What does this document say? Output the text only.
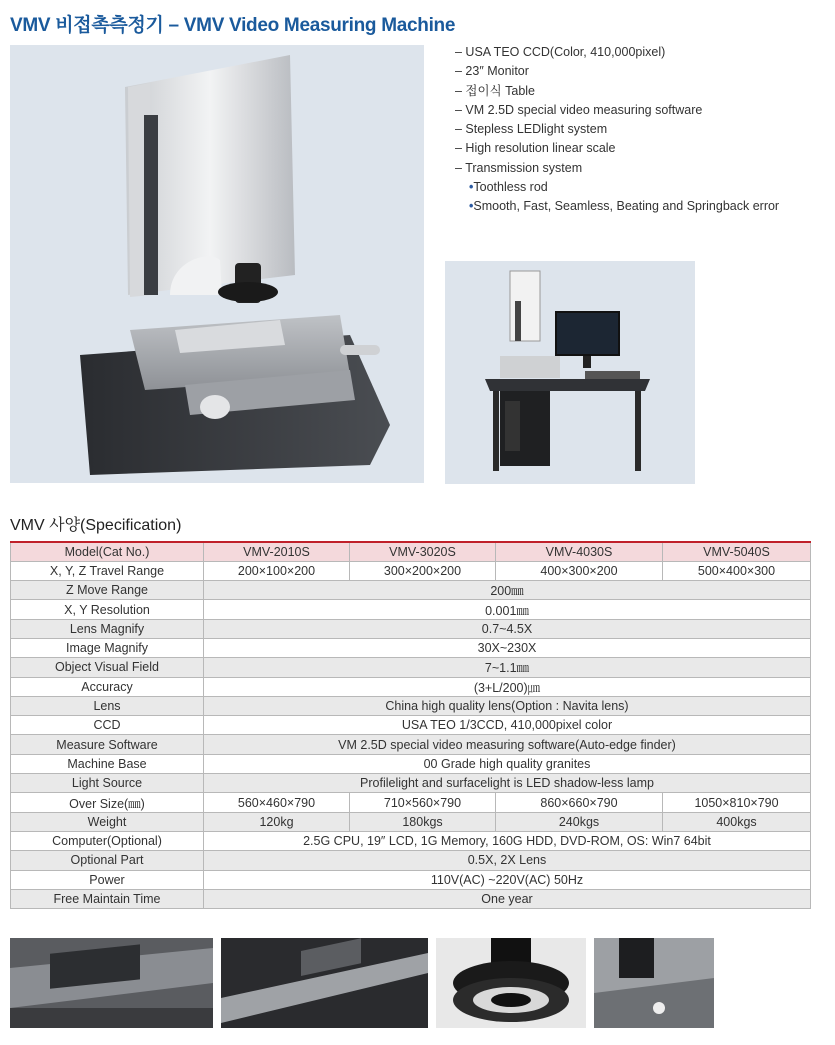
VMV 비접촉측정기 – VMV Video Measuring Machine
– USA TEO CCD(Color, 410,000pixel)
– 23″ Monitor
– 접이식 Table
– VM 2.5D special video measuring software
– Stepless LEDlight system
– High resolution linear scale
– Transmission system
•Toothless rod
•Smooth, Fast, Seamless, Beating and Springback error
VMV 사양(Specification)
Model(Cat No.)	VMV-2010S	VMV-3020S	VMV-4030S	VMV-5040S
X, Y, Z Travel Range	200×100×200	300×200×200	400×300×200	500×400×300
Z Move Range	200㎜			
X, Y Resolution	0.001㎜			
Lens Magnify	0.7~4.5X			
Image Magnify	30X~230X			
Object Visual Field	7~1.1㎜			
Accuracy	(3+L/200)㎛			
Lens	China high quality lens(Option : Navita lens)			
CCD	USA TEO 1/3CCD, 410,000pixel color			
Measure Software	VM 2.5D special video measuring software(Auto-edge finder)			
Machine Base	00 Grade high quality granites			
Light Source	Profilelight and surfacelight is LED shadow-less lamp			
Over Size(㎜)	560×460×790	710×560×790	860×660×790	1050×810×790
Weight	120kg	180kgs	240kgs	400kgs
Computer(Optional)	2.5G CPU, 19″ LCD, 1G Memory, 160G HDD, DVD-ROM, OS: Win7 64bit			
Optional Part	0.5X, 2X Lens			
Power	110V(AC) ~220V(AC) 50Hz			
Free Maintain Time	One year			
